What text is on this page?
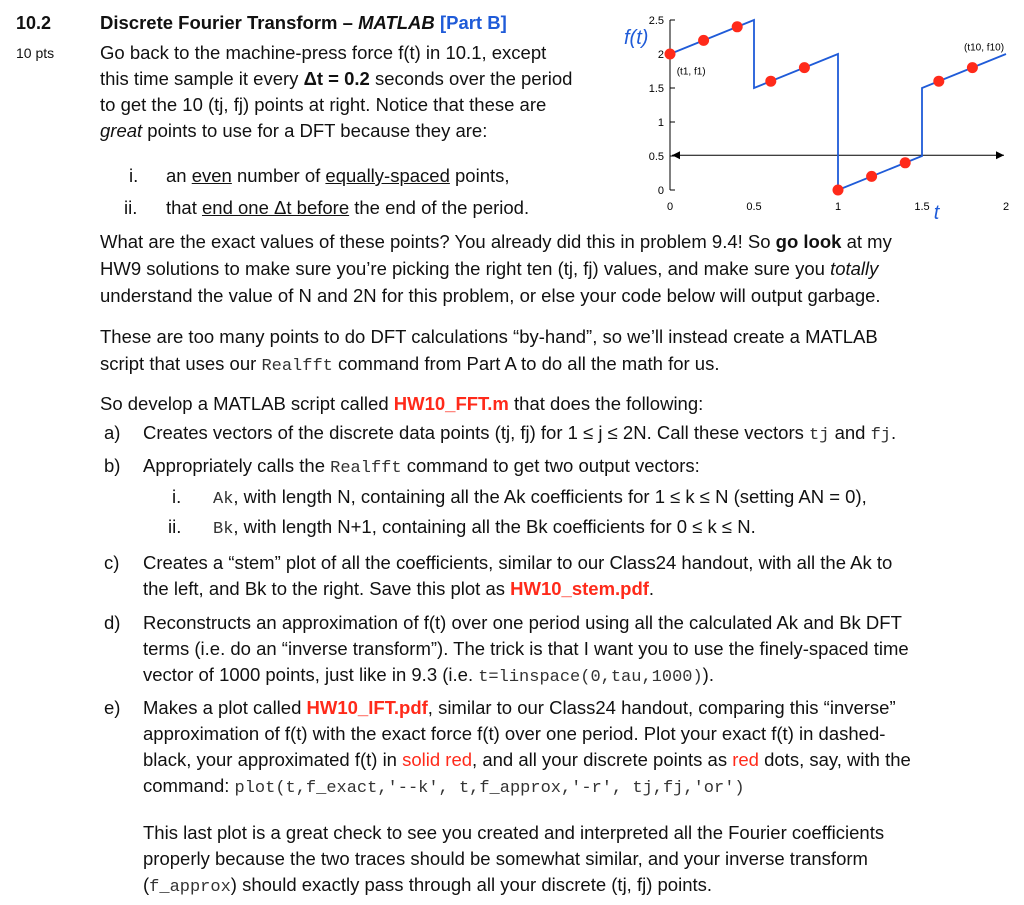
10.2
10 pts
Discrete Fourier Transform – MATLAB [Part B]
Go back to the machine-press force f(t) in 10.1, except
this time sample it every Δt = 0.2 seconds over the period
to get the 10 (tj, fj) points at right. Notice that these are
great points to use for a DFT because they are:
i. an even number of equally-spaced points,
ii. that end one Δt before the end of the period.
0
0.5
1
1.5
2
2.5
0	0.5	1	1.5	2
f(t)
t
(t1, f1)
(t10, f10)
What are the exact values of these points? You already did this in problem 9.4! So go look at my
HW9 solutions to make sure you’re picking the right ten (tj, fj) values, and make sure you totally
understand the value of N and 2N for this problem, or else your code below will output garbage.
These are too many points to do DFT calculations “by-hand”, so we’ll instead create a MATLAB
script that uses our Realfft command from Part A to do all the math for us.
So develop a MATLAB script called HW10_FFT.m that does the following:
a) Creates vectors of the discrete data points (tj, fj) for 1 ≤ j ≤ 2N. Call these vectors tj and fj.
b) Appropriately calls the Realfft command to get two output vectors:
i. Ak, with length N, containing all the Ak coefficients for 1 ≤ k ≤ N (setting AN = 0),
ii. Bk, with length N+1, containing all the Bk coefficients for 0 ≤ k ≤ N.
c) Creates a “stem” plot of all the coefficients, similar to our Class24 handout, with all the Ak to
the left, and Bk to the right. Save this plot as HW10_stem.pdf.
d) Reconstructs an approximation of f(t) over one period using all the calculated Ak and Bk DFT
terms (i.e. do an “inverse transform”). The trick is that I want you to use the finely-spaced time
vector of 1000 points, just like in 9.3 (i.e. t=linspace(0,tau,1000)).
e) Makes a plot called HW10_IFT.pdf, similar to our Class24 handout, comparing this “inverse”
approximation of f(t) with the exact force f(t) over one period. Plot your exact f(t) in dashed-
black, your approximated f(t) in solid red, and all your discrete points as red dots, say, with the
command: plot(t,f_exact,'--k', t,f_approx,'-r', tj,fj,'or')
This last plot is a great check to see you created and interpreted all the Fourier coefficients
properly because the two traces should be somewhat similar, and your inverse transform
(f_approx) should exactly pass through all your discrete (tj, fj) points.
